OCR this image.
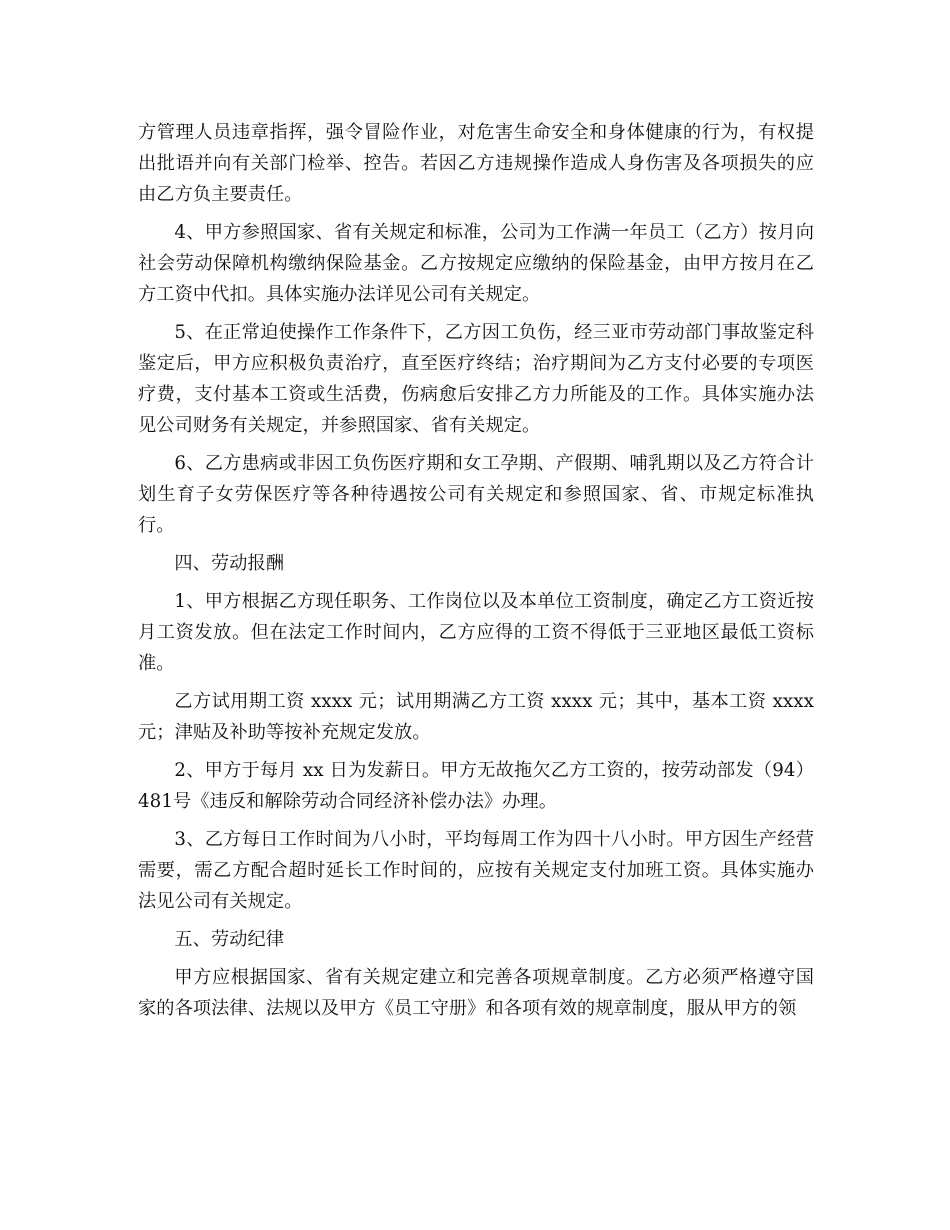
方管理人员违章指挥，强令冒险作业，对危害生命安全和身体健康的行为，有权提出批语并向有关部门检举、控告。若因乙方违规操作造成人身伤害及各项损失的应由乙方负主要责任。

4、甲方参照国家、省有关规定和标准，公司为工作满一年员工（乙方）按月向社会劳动保障机构缴纳保险基金。乙方按规定应缴纳的保险基金，由甲方按月在乙方工资中代扣。具体实施办法详见公司有关规定。

5、在正常迫使操作工作条件下，乙方因工负伤，经三亚市劳动部门事故鉴定科鉴定后，甲方应积极负责治疗，直至医疗终结；治疗期间为乙方支付必要的专项医疗费，支付基本工资或生活费，伤病愈后安排乙方力所能及的工作。具体实施办法见公司财务有关规定，并参照国家、省有关规定。

6、乙方患病或非因工负伤医疗期和女工孕期、产假期、哺乳期以及乙方符合计划生育子女劳保医疗等各种待遇按公司有关规定和参照国家、省、市规定标准执行。

四、劳动报酬

1、甲方根据乙方现任职务、工作岗位以及本单位工资制度，确定乙方工资近按月工资发放。但在法定工作时间内，乙方应得的工资不得低于三亚地区最低工资标准。

乙方试用期工资 xxxx 元；试用期满乙方工资 xxxx 元；其中，基本工资 xxxx 元；津贴及补助等按补充规定发放。

2、甲方于每月 xx 日为发薪日。甲方无故拖欠乙方工资的，按劳动部发（94）481号《违反和解除劳动合同经济补偿办法》办理。

3、乙方每日工作时间为八小时，平均每周工作为四十八小时。甲方因生产经营需要，需乙方配合超时延长工作时间的，应按有关规定支付加班工资。具体实施办法见公司有关规定。

五、劳动纪律

甲方应根据国家、省有关规定建立和完善各项规章制度。乙方必须严格遵守国家的各项法律、法规以及甲方《员工守册》和各项有效的规章制度，服从甲方的领
